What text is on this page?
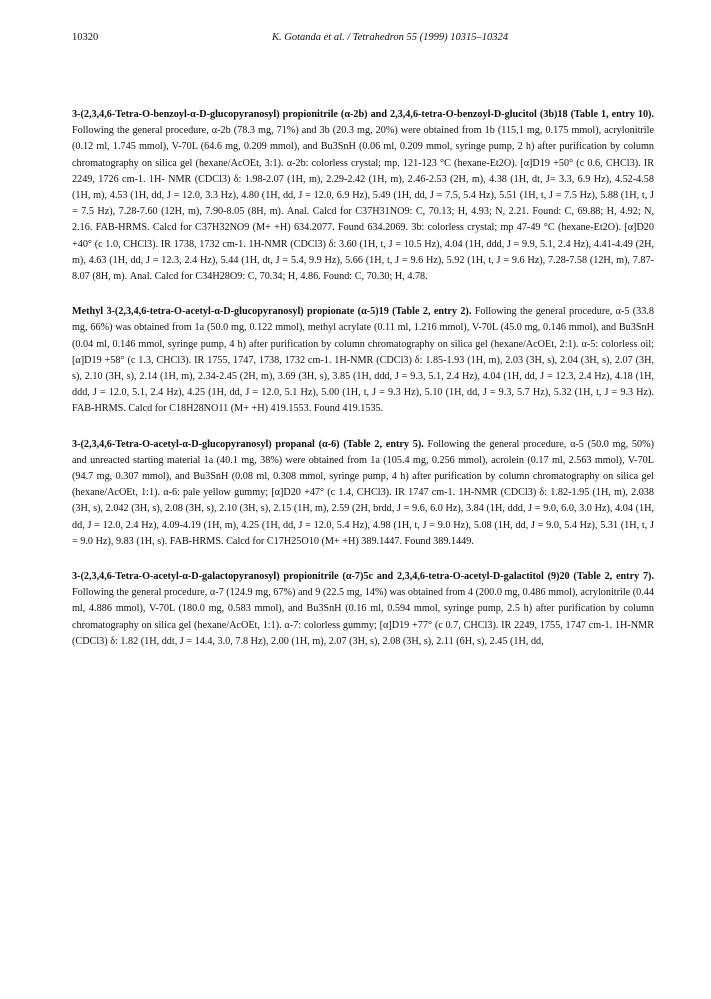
10320	K. Gotanda et al. / Tetrahedron 55 (1999) 10315–10324

3-(2,3,4,6-Tetra-O-benzoyl-α-D-glucopyranosyl) propionitrile (α-2b) and 2,3,4,6-tetra-O-benzoyl-D-glucitol (3b)18 (Table 1, entry 10). Following the general procedure, α-2b (78.3 mg, 71%) and 3b (20.3 mg, 20%) were obtained from 1b (115,1 mg, 0.175 mmol), acrylonitrile (0.12 ml, 1.745 mmol), V-70L (64.6 mg, 0.209 mmol), and Bu3SnH (0.06 ml, 0.209 mmol, syringe pump, 2 h) after purification by column chromatography on silica gel (hexane/AcOEt, 3:1). α-2b: colorless crystal; mp. 121-123 °C (hexane-Et2O). [α]D19 +50° (c 0.6, CHCl3). IR 2249, 1726 cm-1. 1H- NMR (CDCl3) δ: 1.98-2.07 (1H, m), 2.29-2.42 (1H, m), 2.46-2.53 (2H, m), 4.38 (1H, dt, J= 3.3, 6.9 Hz), 4.52-4.58 (1H, m), 4.53 (1H, dd, J = 12.0, 3.3 Hz), 4.80 (1H, dd, J = 12.0, 6.9 Hz), 5.49 (1H, dd, J = 7.5, 5.4 Hz), 5.51 (1H, t, J = 7.5 Hz), 5.88 (1H, t, J = 7.5 Hz), 7.28-7.60 (12H, m), 7.90-8.05 (8H, m). Anal. Calcd for C37H31NO9: C, 70.13; H, 4.93; N, 2.21. Found: C, 69.88; H, 4.92; N, 2.16. FAB-HRMS. Calcd for C37H32NO9 (M+ +H) 634.2077. Found 634.2069. 3b: colorless crystal; mp 47-49 °C (hexane-Et2O). [α]D20 +40° (c 1.0, CHCl3). IR 1738, 1732 cm-1. 1H-NMR (CDCl3) δ: 3.60 (1H, t, J = 10.5 Hz), 4.04 (1H, ddd, J = 9.9, 5.1, 2.4 Hz), 4.41-4.49 (2H, m), 4.63 (1H, dd, J = 12.3, 2.4 Hz), 5.44 (1H, dt, J = 5.4, 9.9 Hz), 5.66 (1H, t, J = 9.6 Hz), 5.92 (1H, t, J = 9.6 Hz), 7.28-7.58 (12H, m), 7.87-8.07 (8H, m). Anal. Calcd for C34H28O9: C, 70.34; H, 4.86. Found: C, 70.30; H, 4.78.

Methyl 3-(2,3,4,6-tetra-O-acetyl-α-D-glucopyranosyl) propionate (α-5)19 (Table 2, entry 2). Following the general procedure, α-5 (33.8 mg, 66%) was obtained from 1a (50.0 mg, 0.122 mmol), methyl acrylate (0.11 ml, 1.216 mmol), V-70L (45.0 mg, 0.146 mmol), and Bu3SnH (0.04 ml, 0.146 mmol, syringe pump, 4 h) after purification by column chromatography on silica gel (hexane/AcOEt, 2:1). α-5: colorless oil; [α]D19 +58° (c 1.3, CHCl3). IR 1755, 1747, 1738, 1732 cm-1. 1H-NMR (CDCl3) δ: 1.85-1.93 (1H, m), 2.03 (3H, s), 2.04 (3H, s), 2.07 (3H, s), 2.10 (3H, s), 2.14 (1H, m), 2.34-2.45 (2H, m), 3.69 (3H, s), 3.85 (1H, ddd, J = 9.3, 5.1, 2.4 Hz), 4.04 (1H, dd, J = 12.3, 2.4 Hz), 4.18 (1H, ddd, J = 12.0, 5.1, 2.4 Hz), 4.25 (1H, dd, J = 12.0, 5.1 Hz), 5.00 (1H, t, J = 9.3 Hz), 5.10 (1H, dd, J = 9.3, 5.7 Hz), 5.32 (1H, t, J = 9.3 Hz). FAB-HRMS. Calcd for C18H28NO11 (M+ +H) 419.1553. Found 419.1535.

3-(2,3,4,6-Tetra-O-acetyl-α-D-glucopyranosyl) propanal (α-6) (Table 2, entry 5). Following the general procedure, α-5 (50.0 mg, 50%) and unreacted starting material 1a (40.1 mg, 38%) were obtained from 1a (105.4 mg, 0.256 mmol), acrolein (0.17 ml, 2.563 mmol), V-70L (94.7 mg, 0.307 mmol), and Bu3SnH (0.08 ml, 0.308 mmol, syringe pump, 4 h) after purification by column chromatography on silica gel (hexane/AcOEt, 1:1). α-6: pale yellow gummy; [α]D20 +47° (c 1.4, CHCl3). IR 1747 cm-1. 1H-NMR (CDCl3) δ: 1.82-1.95 (1H, m), 2.038 (3H, s), 2.042 (3H, s), 2.08 (3H, s), 2.10 (3H, s), 2.15 (1H, m), 2.59 (2H, brdd, J = 9.6, 6.0 Hz), 3.84 (1H, ddd, J = 9.0, 6.0, 3.0 Hz), 4.04 (1H, dd, J = 12.0, 2.4 Hz), 4.09-4.19 (1H, m), 4.25 (1H, dd, J = 12.0, 5.4 Hz), 4.98 (1H, t, J = 9.0 Hz), 5.08 (1H, dd, J = 9.0, 5.4 Hz), 5.31 (1H, t, J = 9.0 Hz), 9.83 (1H, s). FAB-HRMS. Calcd for C17H25O10 (M+ +H) 389.1447. Found 389.1449.

3-(2,3,4,6-Tetra-O-acetyl-α-D-galactopyranosyl) propionitrile (α-7)5c and 2,3,4,6-tetra-O-acetyl-D-galactitol (9)20 (Table 2, entry 7). Following the general procedure, α-7 (124.9 mg, 67%) and 9 (22.5 mg, 14%) was obtained from 4 (200.0 mg, 0.486 mmol), acrylonitrile (0.44 ml, 4.886 mmol), V-70L (180.0 mg, 0.583 mmol), and Bu3SnH (0.16 ml, 0.594 mmol, syringe pump, 2.5 h) after purification by column chromatography on silica gel (hexane/AcOEt, 1:1). α-7: colorless gummy; [α]D19 +77° (c 0.7, CHCl3). IR 2249, 1755, 1747 cm-1. 1H-NMR (CDCl3) δ: 1.82 (1H, ddt, J = 14.4, 3.0, 7.8 Hz), 2.00 (1H, m), 2.07 (3H, s), 2.08 (3H, s), 2.11 (6H, s), 2.45 (1H, dd,
